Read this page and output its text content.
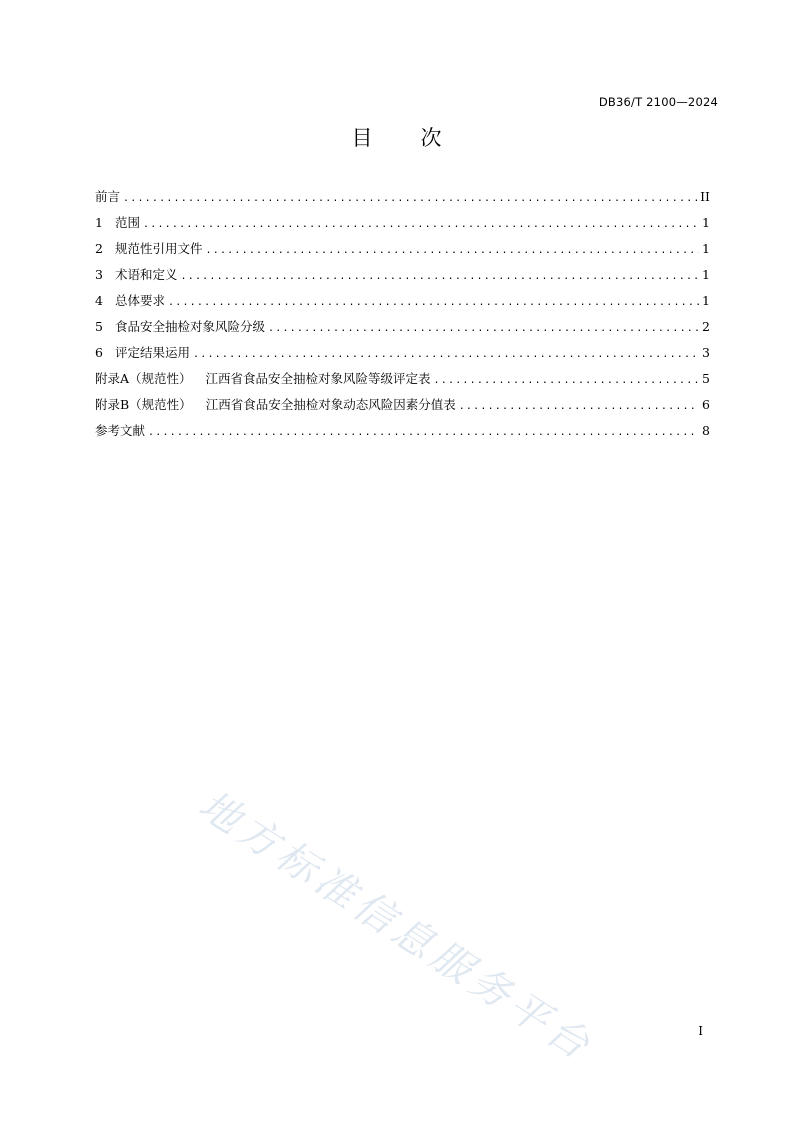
DB36/T 2100—2024
目 次
前言 .....	II
1 范围 .....	1
2 规范性引用文件 .....	1
3 术语和定义 .....	1
4 总体要求 .....	1
5 食品安全抽检对象风险分级 .....	2
6 评定结果运用 .....	3
附录A（规范性） 江西省食品安全抽检对象风险等级评定表 .....	5
附录B（规范性） 江西省食品安全抽检对象动态风险因素分值表 .....	6
参考文献 .....	8
地方标准信息服务平台	I
